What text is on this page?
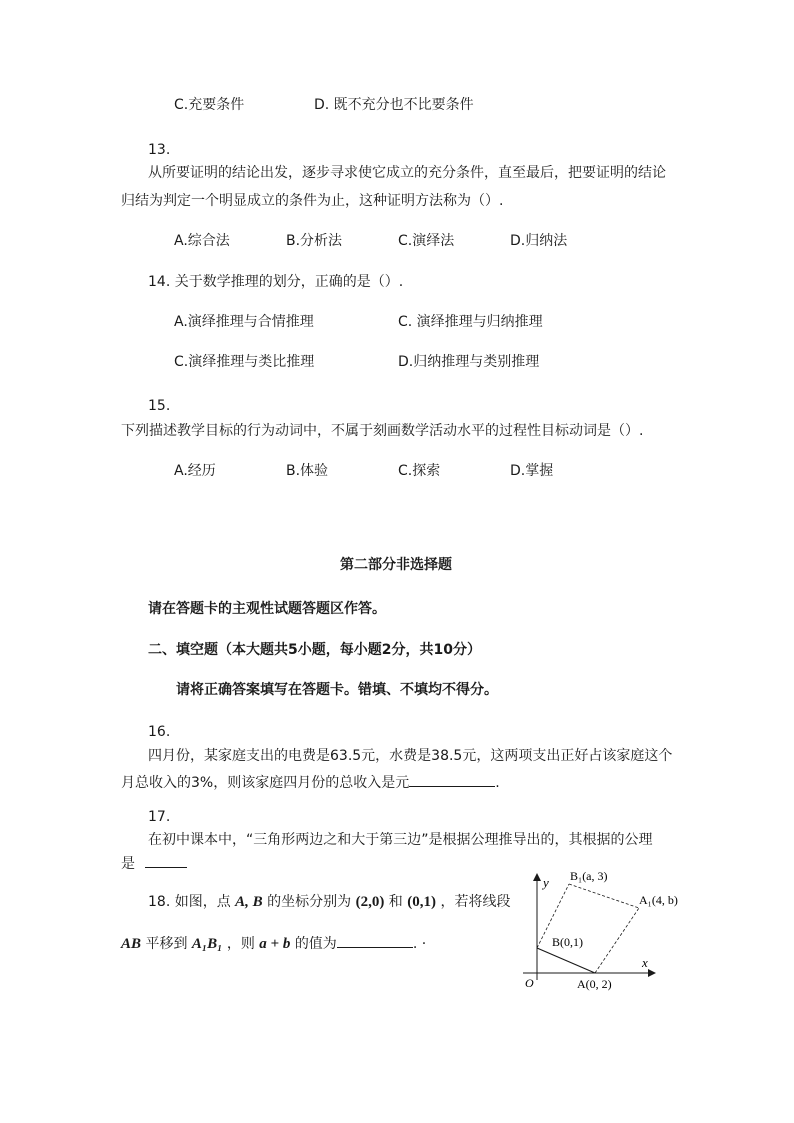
C.充要条件	D. 既不充分也不比要条件
13.
从所要证明的结论出发，逐步寻求使它成立的充分条件，直至最后，把要证明的结论
归结为判定一个明显成立的条件为止，这种证明方法称为（）.
A.综合法	B.分析法	C.演绎法	D.归纳法
14. 关于数学推理的划分，正确的是（）.
A.演绎推理与合情推理	C. 演绎推理与归纳推理
C.演绎推理与类比推理	D.归纳推理与类别推理
15.
下列描述教学目标的行为动词中，不属于刻画数学活动水平的过程性目标动词是（）.
A.经历	B.体验	C.探索	D.掌握
第二部分非选择题
请在答题卡的主观性试题答题区作答。
二、填空题（本大题共5小题，每小题2分，共10分）
请将正确答案填写在答题卡。错填、不填均不得分。
16.
四月份，某家庭支出的电费是63.5元，水费是38.5元，这两项支出正好占该家庭这个
月总收入的3%，则该家庭四月份的总收入是元	.
17.
在初中课本中，“三角形两边之和大于第三边”是根据公理推导出的，其根据的公理
是
18. 如图，点 A, B 的坐标分别为 (2,0) 和 (0,1) ，若将线段
AB 平移到 A₁B₁ ，则 a + b 的值为	. ·
y
x
O
B₁(a, 3)
A₁(4, b)
B(0,1)
A(0, 2)
